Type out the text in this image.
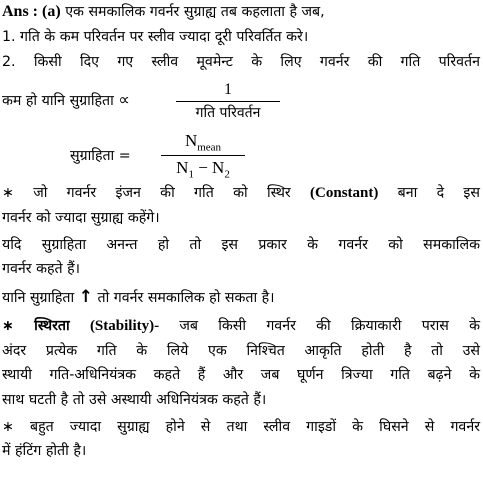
Ans : (a) एक समकालिक गवर्नर सुग्राह्य तब कहलाता है जब,
1. गति के कम परिवर्तन पर स्लीव ज्यादा दूरी परिवर्तित करे।
2. किसी दिए गए स्लीव मूवमेन्ट के लिए गवर्नर की गति परिवर्तन
कम हो यानि सुग्राहिता ∝
1
गति परिवर्तन
सुग्राहिता =
$N_{mean}$
$N_1 - N_2$
∗ जो गवर्नर इंजन की गति को स्थिर (Constant) बना दे इस
गवर्नर को ज्यादा सुग्राह्य कहेंगे।
यदि सुग्राहिता अनन्त हो तो इस प्रकार के गवर्नर को समकालिक
गवर्नर कहते हैं।
यानि सुग्राहिता ↑ तो गवर्नर समकालिक हो सकता है।
∗ स्थिरता (Stability)- जब किसी गवर्नर की क्रियाकारी परास के
अंदर प्रत्येक गति के लिये एक निश्चित आकृति होती है तो उसे
स्थायी गति-अधिनियंत्रक कहते हैं और जब घूर्णन त्रिज्या गति बढ़ने के
साथ घटती है तो उसे अस्थायी अधिनियंत्रक कहते हैं।
∗ बहुत ज्यादा सुग्राह्य होने से तथा स्लीव गाइडों के घिसने से गवर्नर
में हंटिंग होती है।
